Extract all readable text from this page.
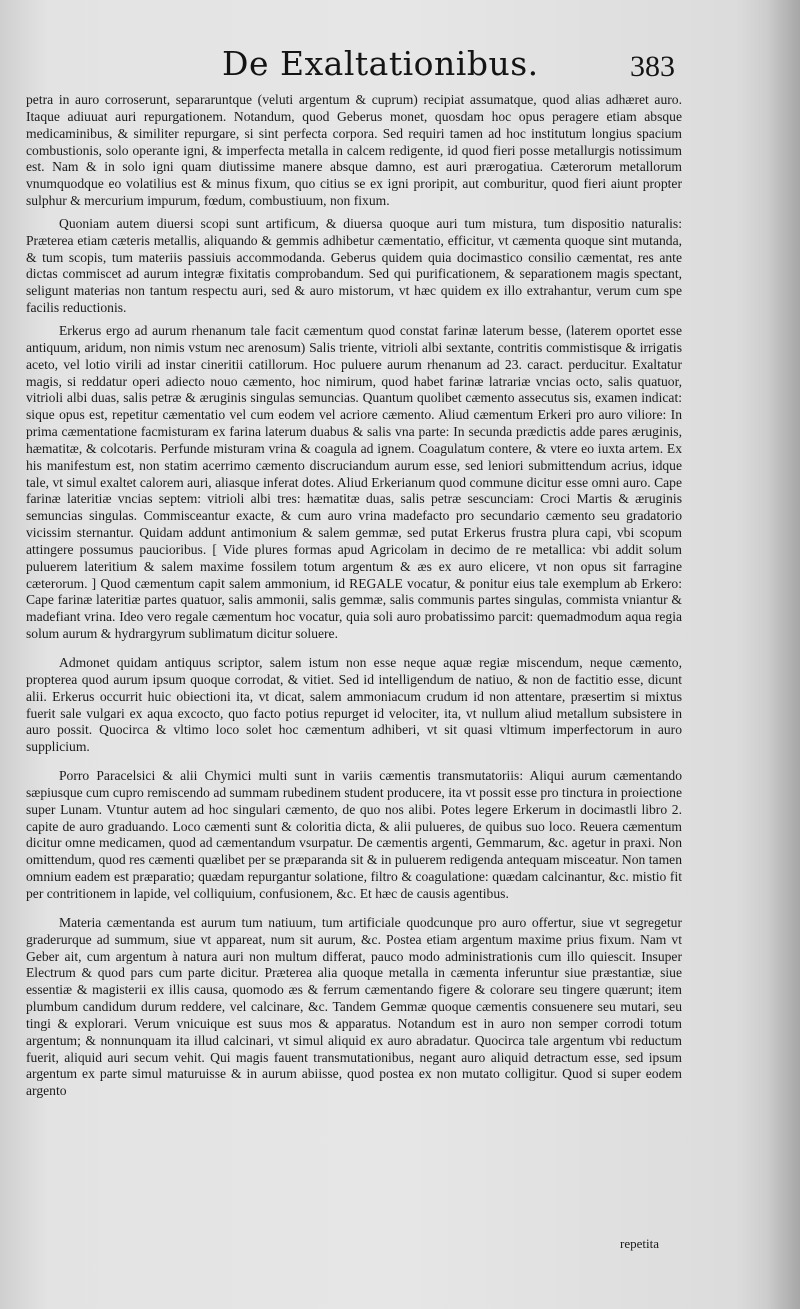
De Exaltationibus.	383

petra in auro corroserunt, separaruntque (veluti argentum & cuprum) recipiat assumatque, quod alias adhæret auro. Itaque adiuuat auri repurgationem. Notandum, quod Geberus monet, quosdam hoc opus peragere etiam absque medicaminibus, & similiter repurgare, si sint perfecta corpora. Sed requiri tamen ad hoc institutum longius spacium combustionis, solo operante igni, & imperfecta metalla in calcem redigente, id quod fieri posse metallurgis notissimum est. Nam & in solo igni quam diutissime manere absque damno, est auri prærogatiua. Cæterorum metallorum vnumquodque eo volatilius est & minus fixum, quo citius se ex igni proripit, aut comburitur, quod fieri aiunt propter sulphur & mercurium impurum, fœdum, combustiuum, non fixum.

Quoniam autem diuersi scopi sunt artificum, & diuersa quoque auri tum mistura, tum dispositio naturalis: Præterea etiam cæteris metallis, aliquando & gemmis adhibetur cæmentatio, efficitur, vt cæmenta quoque sint mutanda, & tum scopis, tum materiis passiuis accommodanda. Geberus quidem quia docimastico consilio cæmentat, res ante dictas commiscet ad aurum integræ fixitatis comprobandum. Sed qui purificationem, & separationem magis spectant, seligunt materias non tantum respectu auri, sed & auro mistorum, vt hæc quidem ex illo extrahantur, verum cum spe facilis reductionis.

Erkerus ergo ad aurum rhenanum tale facit cæmentum quod constat farinæ laterum besse, (laterem oportet esse antiquum, aridum, non nimis vstum nec arenosum) Salis triente, vitrioli albi sextante, contritis commistisque & irrigatis aceto, vel lotio virili ad instar cineritii catillorum. Hoc puluere aurum rhenanum ad 23. caract. perducitur. Exaltatur magis, si reddatur operi adiecto nouo cæmento, hoc nimirum, quod habet farinæ latrariæ vncias octo, salis quatuor, vitrioli albi duas, salis petræ & æruginis singulas semuncias. Quantum quolibet cæmento assecutus sis, examen indicat: sique opus est, repetitur cæmentatio vel cum eodem vel acriore cæmento. Aliud cæmentum Erkeri pro auro viliore: In prima cæmentatione facmisturam ex farina laterum duabus & salis vna parte: In secunda prædictis adde pares æruginis, hæmatitæ, & colcotaris. Perfunde misturam vrina & coagula ad ignem. Coagulatum contere, & vtere eo iuxta artem. Ex his manifestum est, non statim acerrimo cæmento discruciandum aurum esse, sed leniori submittendum acrius, idque tale, vt simul exaltet calorem auri, aliasque inferat dotes. Aliud Erkerianum quod commune dicitur esse omni auro. Cape farinæ lateritiæ vncias septem: vitrioli albi tres: hæmatitæ duas, salis petræ sescunciam: Croci Martis & æruginis semuncias singulas. Commisceantur exacte, & cum auro vrina madefacto pro secundario cæmento seu gradatorio vicissim sternantur. Quidam addunt antimonium & salem gemmæ, sed putat Erkerus frustra plura capi, vbi scopum attingere possumus paucioribus. [ Vide plures formas apud Agricolam in decimo de re metallica: vbi addit solum puluerem lateritium & salem maxime fossilem totum argentum & æs ex auro elicere, vt non opus sit farragine cæterorum. ] Quod cæmentum capit salem ammonium, id REGALE vocatur, & ponitur eius tale exemplum ab Erkero: Cape farinæ lateritiæ partes quatuor, salis ammonii, salis gemmæ, salis communis partes singulas, commista vniantur & madefiant vrina. Ideo vero regale cæmentum hoc vocatur, quia soli auro probatissimo parcit: quemadmodum aqua regia solum aurum & hydrargyrum sublimatum dicitur soluere.

Admonet quidam antiquus scriptor, salem istum non esse neque aquæ regiæ miscendum, neque cæmento, propterea quod aurum ipsum quoque corrodat, & vitiet. Sed id intelligendum de natiuo, & non de factitio esse, dicunt alii. Erkerus occurrit huic obiectioni ita, vt dicat, salem ammoniacum crudum id non attentare, præsertim si mixtus fuerit sale vulgari ex aqua excocto, quo facto potius repurget id velociter, ita, vt nullum aliud metallum subsistere in auro possit. Quocirca & vltimo loco solet hoc cæmentum adhiberi, vt sit quasi vltimum imperfectorum in auro supplicium.

Porro Paracelsici & alii Chymici multi sunt in variis cæmentis transmutatoriis: Aliqui aurum cæmentando sæpiusque cum cupro remiscendo ad summam rubedinem student producere, ita vt possit esse pro tinctura in proiectione super Lunam. Vtuntur autem ad hoc singulari cæmento, de quo nos alibi. Potes legere Erkerum in docimastli libro 2. capite de auro graduando. Loco cæmenti sunt & coloritia dicta, & alii pulueres, de quibus suo loco. Reuera cæmentum dicitur omne medicamen, quod ad cæmentandum vsurpatur. De cæmentis argenti, Gemmarum, &c. agetur in praxi. Non omittendum, quod res cæmenti quælibet per se præparanda sit & in puluerem redigenda antequam misceatur. Non tamen omnium eadem est præparatio; quædam repurgantur solatione, filtro & coagulatione: quædam calcinantur, &c. mistio fit per contritionem in lapide, vel colliquium, confusionem, &c. Et hæc de causis agentibus.

Materia cæmentanda est aurum tum natiuum, tum artificiale quodcunque pro auro offertur, siue vt segregetur graderurque ad summum, siue vt appareat, num sit aurum, &c. Postea etiam argentum maxime prius fixum. Nam vt Geber ait, cum argentum à natura auri non multum differat, pauco modo administrationis cum illo quiescit. Insuper Electrum & quod pars cum parte dicitur. Præterea alia quoque metalla in cæmenta inferuntur siue præstantiæ, siue essentiæ & magisterii ex illis causa, quomodo æs & ferrum cæmentando figere & colorare seu tingere quærunt; item plumbum candidum durum reddere, vel calcinare, &c. Tandem Gemmæ quoque cæmentis consuenere seu mutari, seu tingi & explorari. Verum vnicuique est suus mos & apparatus. Notandum est in auro non semper corrodi totum argentum; & nonnunquam ita illud calcinari, vt simul aliquid ex auro abradatur. Quocirca tale argentum vbi reductum fuerit, aliquid auri secum vehit. Qui magis fauent transmutationibus, negant auro aliquid detractum esse, sed ipsum argentum ex parte simul maturuisse & in aurum abiisse, quod postea ex non mutato colligitur. Quod si super eodem argento

repetita
